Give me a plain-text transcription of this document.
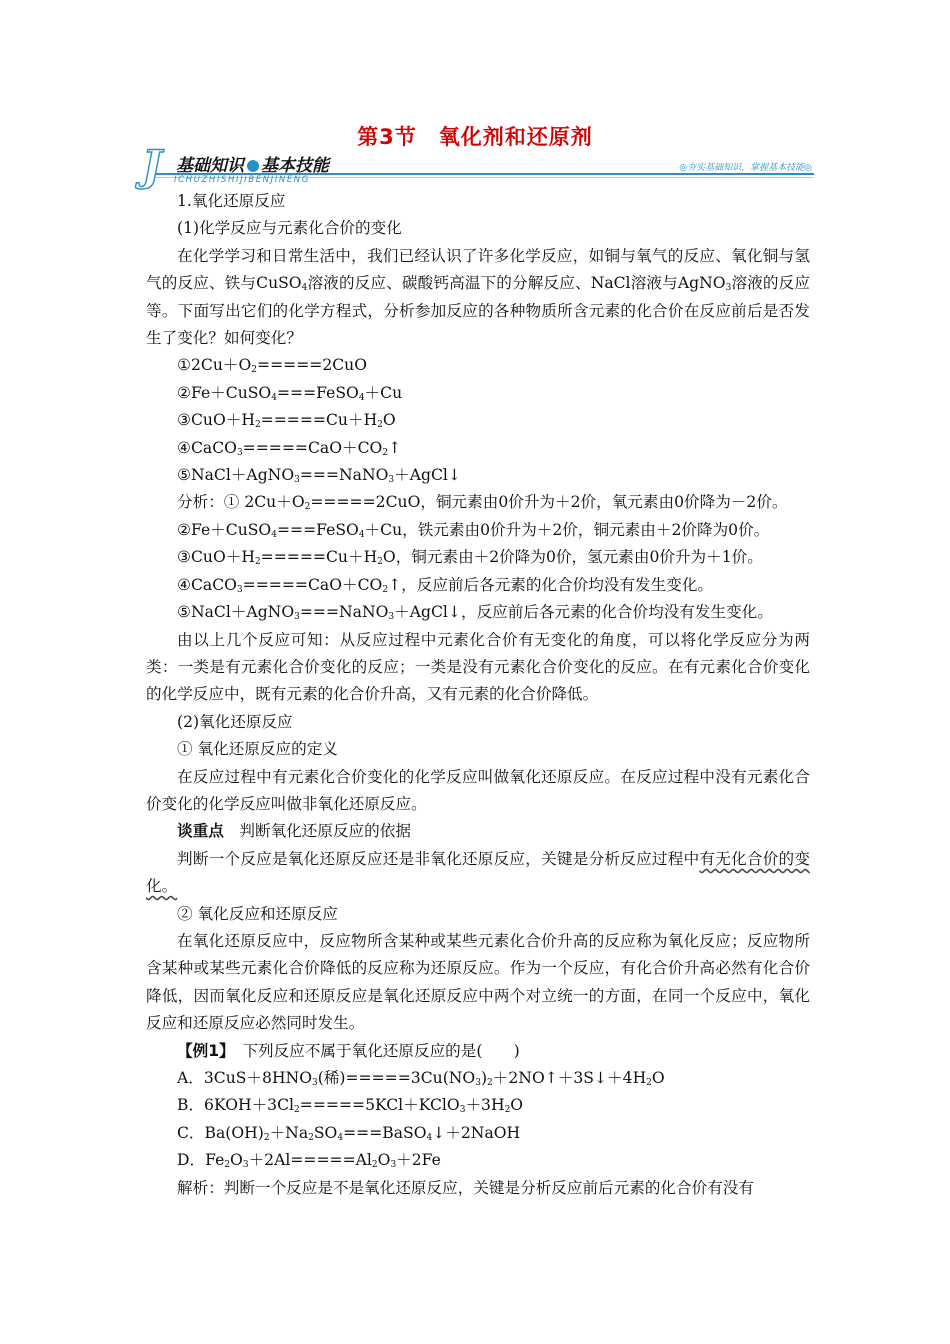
第3节　氧化剂和还原剂
J 基础知识 基本技能
ICHUZHISHIJIBENJINENG
◎夯实基础知识，掌握基本技能◎

1.氧化还原反应

(1)化学反应与元素化合价的变化

在化学学习和日常生活中，我们已经认识了许多化学反应，如铜与氧气的反应、氧化铜与氢气的反应、铁与CuSO$_4$溶液的反应、碳酸钙高温下的分解反应、NaCl溶液与AgNO$_3$溶液的反应等。下面写出它们的化学方程式，分析参加反应的各种物质所含元素的化合价在反应前后是否发生了变化？如何变化？

$①2Cu+O_2=====2CuO$

②Fe＋CuSO$_4$===FeSO$_4$＋Cu

$③CuO+H_2=====Cu+H_2O$

$④CaCO_3=====CaO+CO_2↑$

⑤NaCl＋AgNO$_3$===NaNO$_3$＋AgCl↓

分析：① $2Cu+O_2=====2CuO$，铜元素由0价升为＋2价，氧元素由0价降为－2价。

②Fe＋CuSO$_4$===FeSO$_4$＋Cu，铁元素由0价升为＋2价，铜元素由＋2价降为0价。

$③CuO+H_2=====Cu+H_2O$，铜元素由＋2价降为0价，氢元素由0价升为＋1价。

$④CaCO_3=====CaO+CO_2↑$，反应前后各元素的化合价均没有发生变化。

⑤NaCl＋AgNO$_3$===NaNO$_3$＋AgCl↓，反应前后各元素的化合价均没有发生变化。

由以上几个反应可知：从反应过程中元素化合价有无变化的角度，可以将化学反应分为两类：一类是有元素化合价变化的反应；一类是没有元素化合价变化的反应。在有元素化合价变化的化学反应中，既有元素的化合价升高，又有元素的化合价降低。

(2)氧化还原反应

① 氧化还原反应的定义

在反应过程中有元素化合价变化的化学反应叫做氧化还原反应。在反应过程中没有元素化合价变化的化学反应叫做非氧化还原反应。

谈重点　判断氧化还原反应的依据

判断一个反应是氧化还原反应还是非氧化还原反应，关键是分析反应过程中有无化合价的变化。

② 氧化反应和还原反应

在氧化还原反应中，反应物所含某种或某些元素化合价升高的反应称为氧化反应；反应物所含某种或某些元素化合价降低的反应称为还原反应。作为一个反应，有化合价升高必然有化合价降低，因而氧化反应和还原反应是氧化还原反应中两个对立统一的方面，在同一个反应中，氧化反应和还原反应必然同时发生。

【例1】　下列反应不属于氧化还原反应的是(　　)

A．$3CuS+8HNO_3$(稀)$=====3Cu(NO_3)_2+2NO↑+3S↓+4H_2O$

B．$6KOH+3Cl_2=====5KCl+KClO_3+3H_2O$

C．$Ba(OH)_2+Na_2SO_4===BaSO_4↓+2NaOH$

D．$Fe_2O_3+2Al=====Al_2O_3+2Fe$

解析：判断一个反应是不是氧化还原反应，关键是分析反应前后元素的化合价有没有
